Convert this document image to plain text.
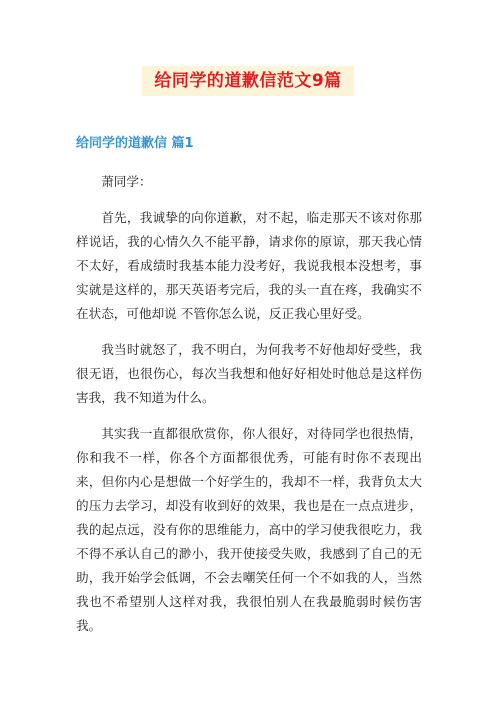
给同学的道歉信范文9篇
给同学的道歉信 篇1

萧同学：

首先，我诚挚的向你道歉，对不起，临走那天不该对你那样说话，我的心情久久不能平静，请求你的原谅，那天我心情不太好，看成绩时我基本能力没考好，我说我根本没想考，事实就是这样的，那天英语考完后，我的头一直在疼，我确实不在状态，可他却说 不管你怎么说，反正我心里好受。

我当时就怒了，我不明白，为何我考不好他却好受些，我很无语，也很伤心，每次当我想和他好好相处时他总是这样伤害我，我不知道为什么。

其实我一直都很欣赏你，你人很好，对待同学也很热情，你和我不一样，你各个方面都很优秀，可能有时你不表现出来，但你内心是想做一个好学生的，我却不一样，我背负太大的压力去学习，却没有收到好的效果，我也是在一点点进步，我的起点远，没有你的思维能力，高中的学习使我很吃力，我不得不承认自己的渺小，我开使接受失败，我感到了自己的无助，我开始学会低调，不会去嘲笑任何一个不如我的人，当然我也不希望别人这样对我，我很怕别人在我最脆弱时候伤害我。
